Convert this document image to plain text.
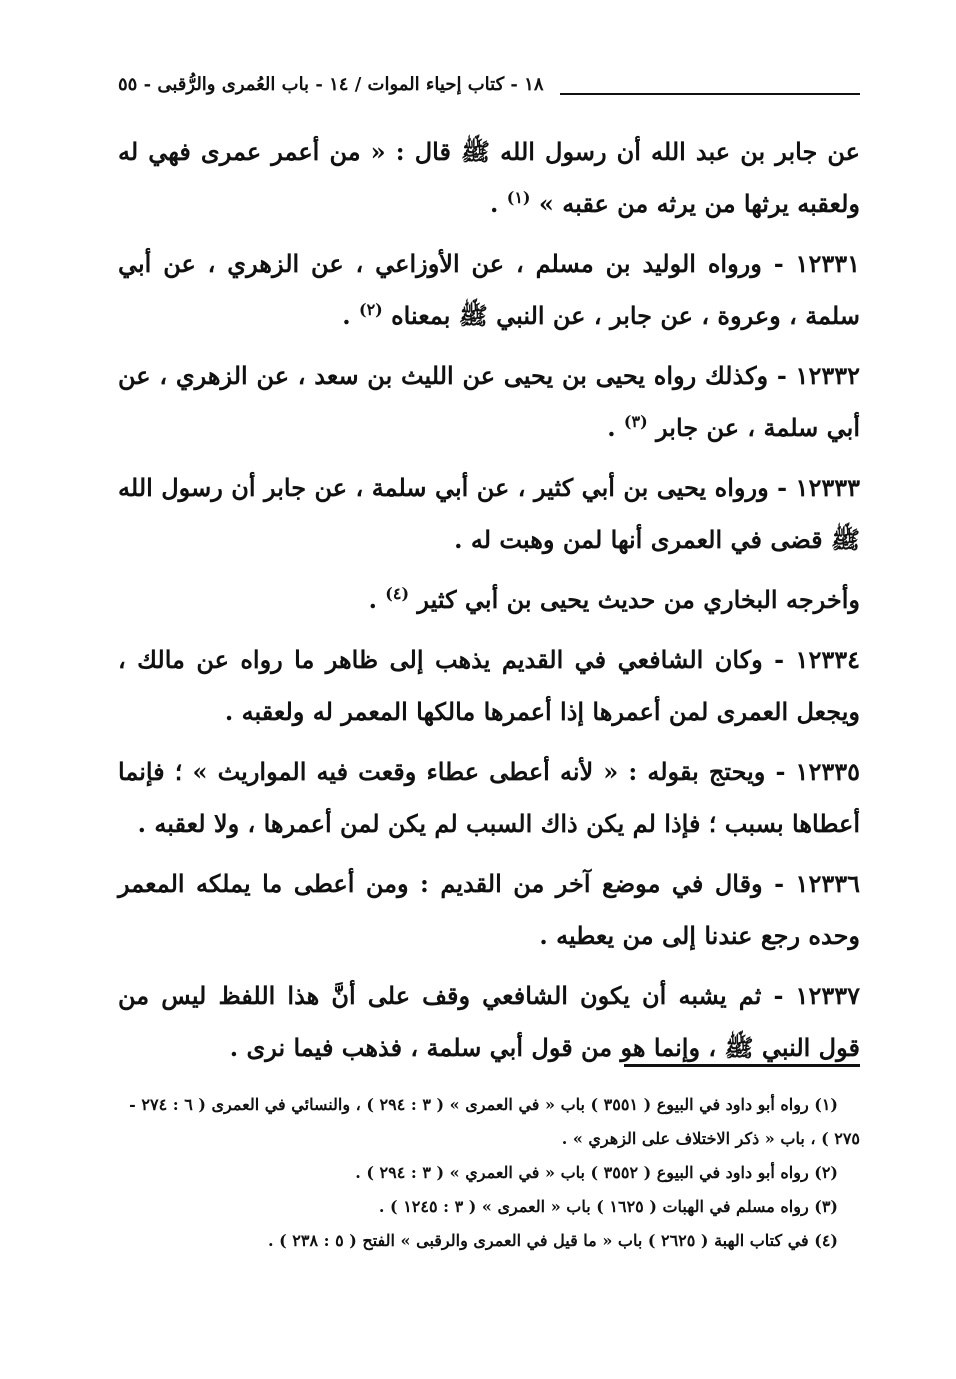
١٨ - كتاب إحياء الموات / ١٤ - باب العُمرى والرُّقبى - ٥٥

عن جابر بن عبد الله أن رسول الله ﷺ قال : « من أعمر عمرى فهي له ولعقبه يرثها من يرثه من عقبه » $^{(١)}$ .

١٢٣٣١ - ورواه الوليد بن مسلم ، عن الأوزاعي ، عن الزهري ، عن أبي سلمة ، وعروة ، عن جابر ، عن النبي ﷺ بمعناه $^{(٢)}$ .

١٢٣٣٢ - وكذلك رواه يحيى بن يحيى عن الليث بن سعد ، عن الزهري ، عن أبي سلمة ، عن جابر $^{(٣)}$ .

١٢٣٣٣ - ورواه يحيى بن أبي كثير ، عن أبي سلمة ، عن جابر أن رسول الله ﷺ قضى في العمرى أنها لمن وهبت له .

وأخرجه البخاري من حديث يحيى بن أبي كثير $^{(٤)}$ .

١٢٣٣٤ - وكان الشافعي في القديم يذهب إلى ظاهر ما رواه عن مالك ، ويجعل العمرى لمن أعمرها إذا أعمرها مالكها المعمر له ولعقبه .

١٢٣٣٥ - ويحتج بقوله : « لأنه أعطى عطاء وقعت فيه المواريث » ؛ فإنما أعطاها بسبب ؛ فإذا لم يكن ذاك السبب لم يكن لمن أعمرها ، ولا لعقبه .

١٢٣٣٦ - وقال في موضع آخر من القديم : ومن أعطى ما يملكه المعمر وحده رجع عندنا إلى من يعطيه .

١٢٣٣٧ - ثم يشبه أن يكون الشافعي وقف على أنَّ هذا اللفظ ليس من قول النبي ﷺ ، وإنما هو من قول أبي سلمة ، فذهب فيما نرى .

(١) رواه أبو داود في البيوع ( ٣٥٥١ ) باب « في العمرى » ( ٣ : ٢٩٤ ) ، والنسائي في العمرى ( ٦ : ٢٧٤ - ٢٧٥ ) ، باب « ذكر الاختلاف على الزهري » .

(٢) رواه أبو داود في البيوع ( ٣٥٥٢ ) باب « في العمري » ( ٣ : ٢٩٤ ) .

(٣) رواه مسلم في الهبات ( ١٦٢٥ ) باب « العمرى » ( ٣ : ١٢٤٥ ) .

(٤) في كتاب الهبة ( ٢٦٢٥ ) باب « ما قيل في العمرى والرقبى » الفتح ( ٥ : ٢٣٨ ) .
